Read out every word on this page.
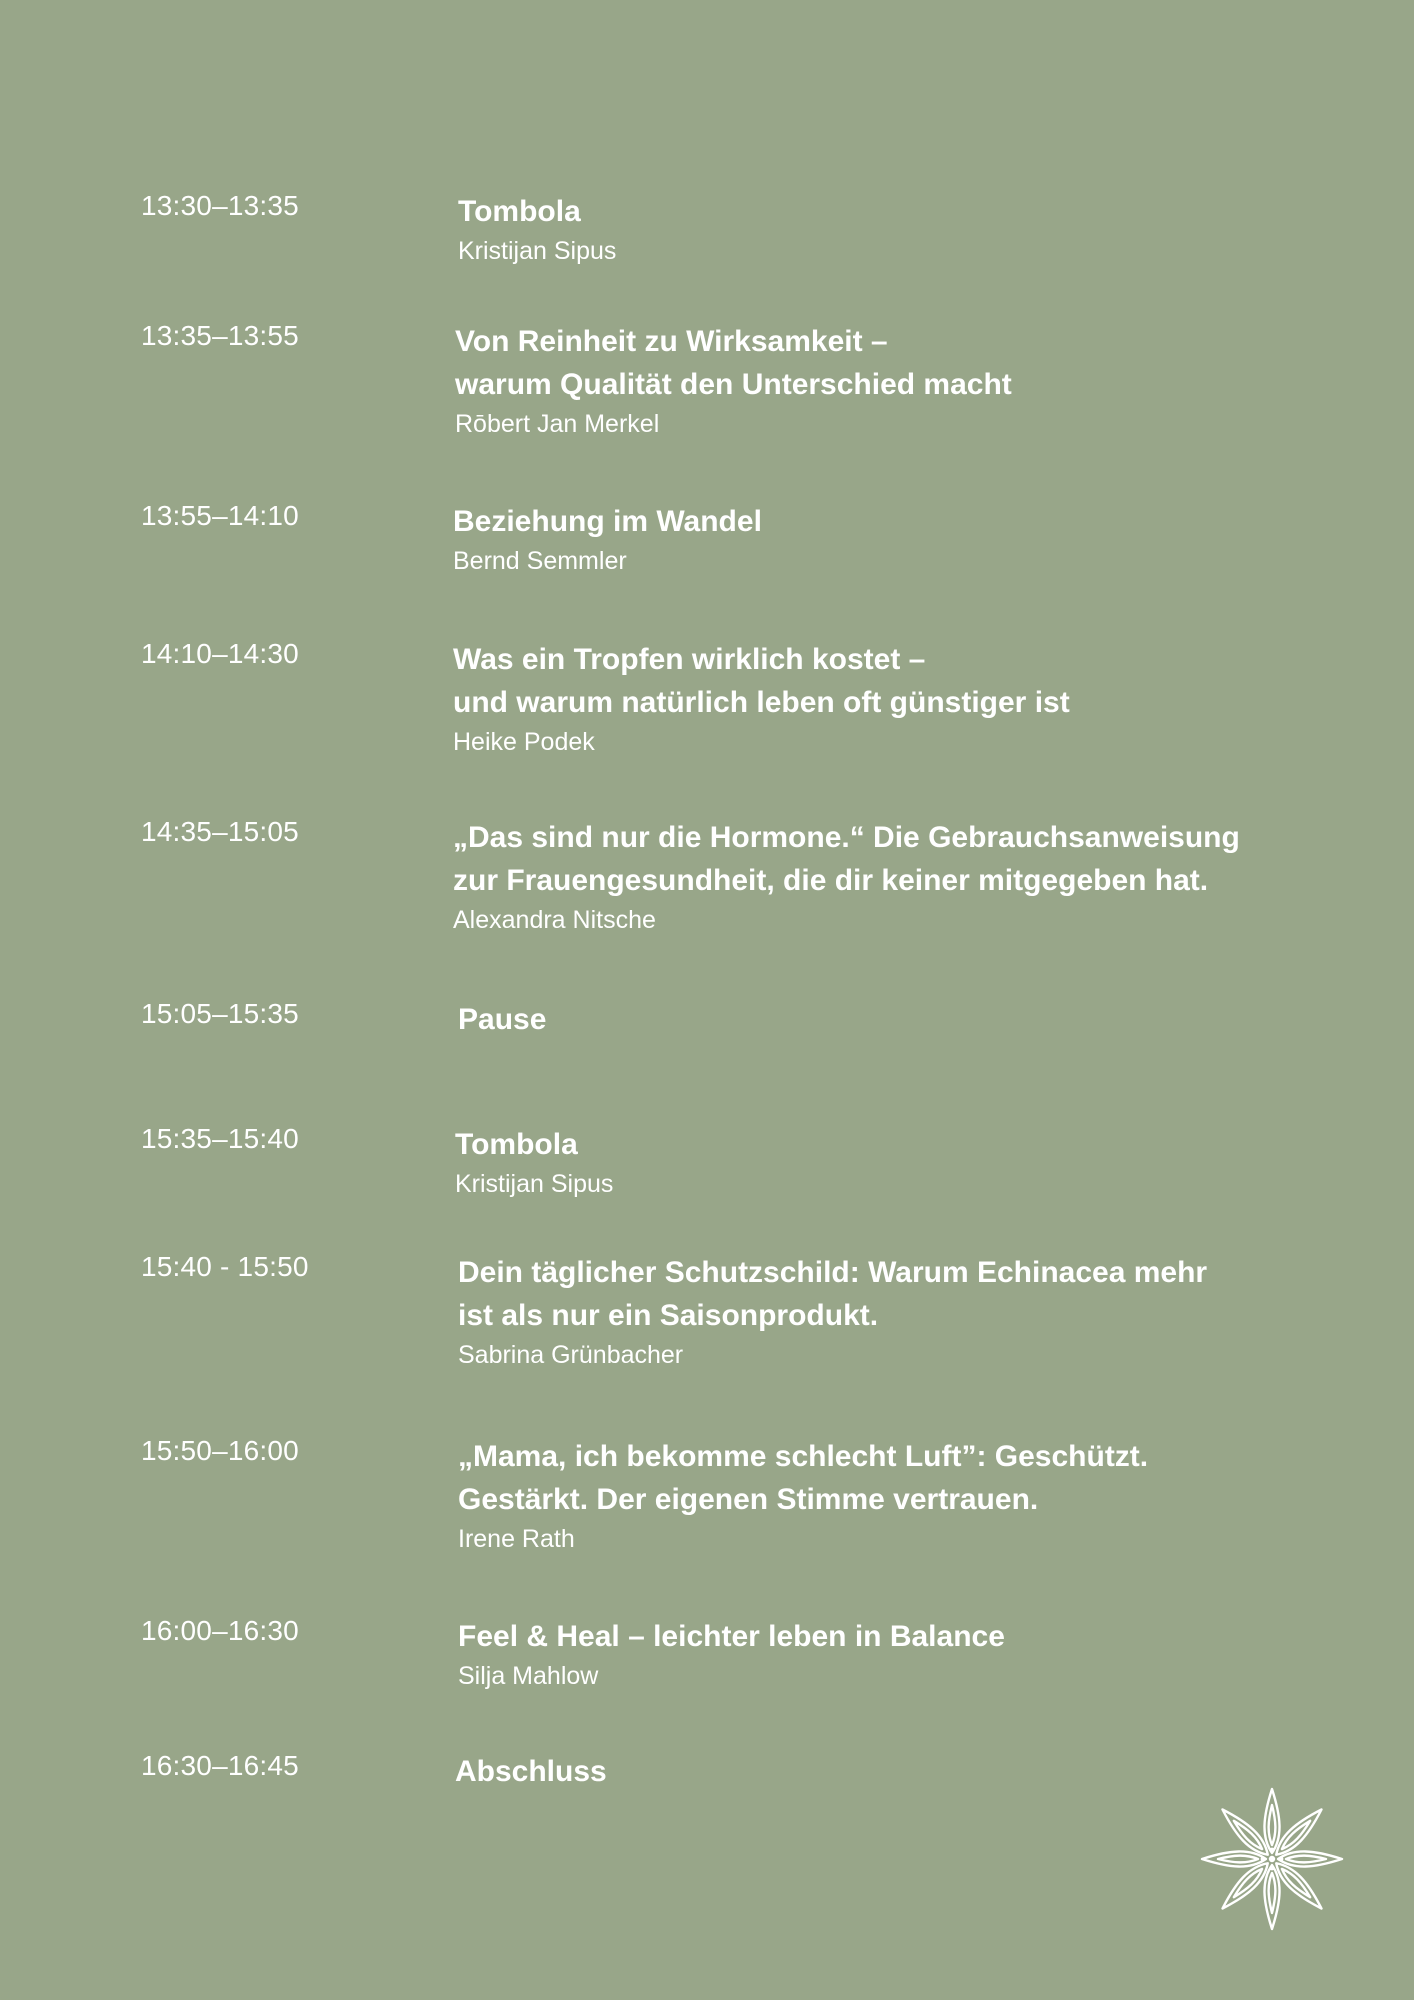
13:30–13:35	Tombola
Kristijan Sipus
13:35–13:55	Von Reinheit zu Wirksamkeit –
warum Qualität den Unterschied macht
Rōbert Jan Merkel
13:55–14:10	Beziehung im Wandel
Bernd Semmler
14:10–14:30	Was ein Tropfen wirklich kostet –
und warum natürlich leben oft günstiger ist
Heike Podek
14:35–15:05	„Das sind nur die Hormone.“ Die Gebrauchsanweisung
zur Frauengesundheit, die dir keiner mitgegeben hat.
Alexandra Nitsche
15:05–15:35	Pause
15:35–15:40	Tombola
Kristijan Sipus
15:40 - 15:50	Dein täglicher Schutzschild: Warum Echinacea mehr
ist als nur ein Saisonprodukt.
Sabrina Grünbacher
15:50–16:00	„Mama, ich bekomme schlecht Luft”: Geschützt.
Gestärkt. Der eigenen Stimme vertrauen.
Irene Rath
16:00–16:30	Feel & Heal – leichter leben in Balance
Silja Mahlow
16:30–16:45	Abschluss
